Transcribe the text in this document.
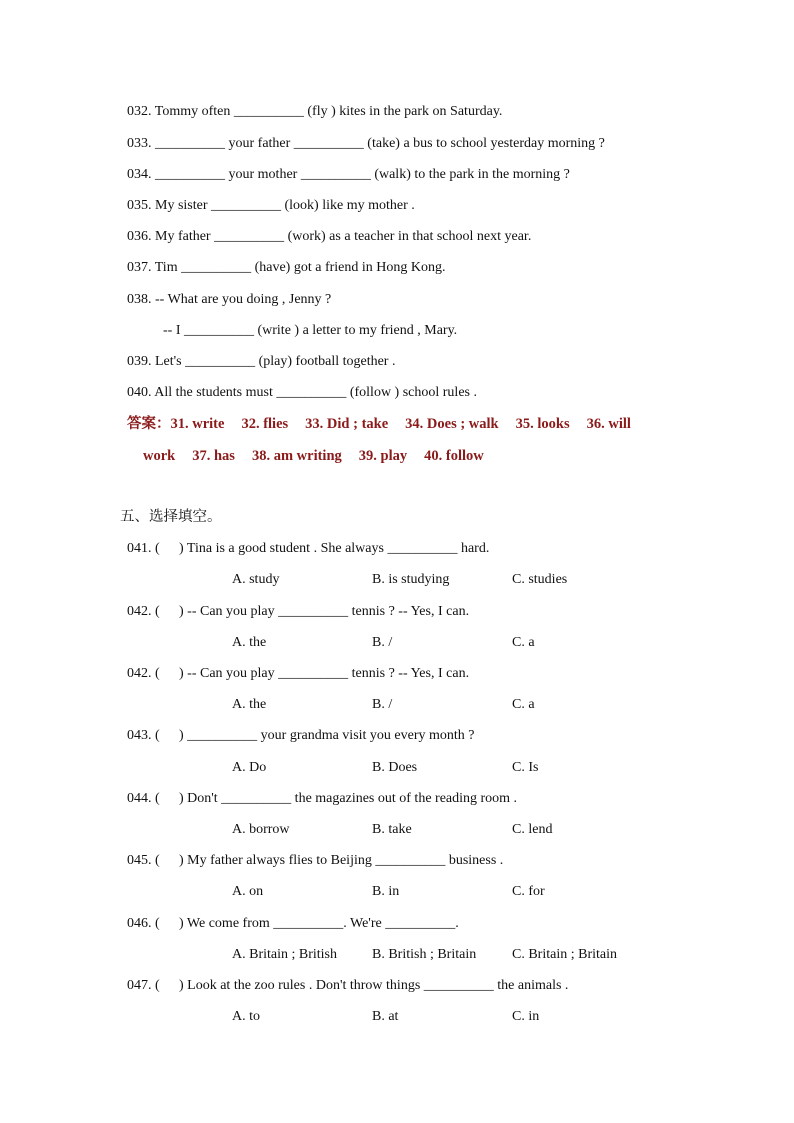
032. Tommy often __________ (fly ) kites in the park on Saturday.
033. __________ your father __________ (take) a bus to school yesterday morning ?
034. __________ your mother __________ (walk) to the park in the morning ?
035. My sister __________ (look) like my mother .
036. My father __________ (work) as a teacher in that school next year.
037. Tim __________ (have) got a friend in Hong Kong.
038. -- What are you doing , Jenny ?
-- I __________ (write ) a letter to my friend , Mary.
039. Let's __________ (play) football together .
040. All the students must __________ (follow ) school rules .
答案：31. write 32. flies 33. Did ; take 34. Does ; walk 35. looks 36. will
work 37. has 38. am writing 39. play 40. follow
五、选择填空。
041. ( ) Tina is a good student . She always __________ hard.
A. study	B. is studying	C. studies
042. ( ) -- Can you play __________ tennis ? -- Yes, I can.
A. the	B. /	C. a
042. ( ) -- Can you play __________ tennis ? -- Yes, I can.
A. the	B. /	C. a
043. ( ) __________ your grandma visit you every month ?
A. Do	B. Does	C. Is
044. ( ) Don't __________ the magazines out of the reading room .
A. borrow	B. take	C. lend
045. ( ) My father always flies to Beijing __________ business .
A. on	B. in	C. for
046. ( ) We come from __________. We're __________.
A. Britain ; British	B. British ; Britain	C. Britain ; Britain
047. ( ) Look at the zoo rules . Don't throw things __________ the animals .
A. to	B. at	C. in
